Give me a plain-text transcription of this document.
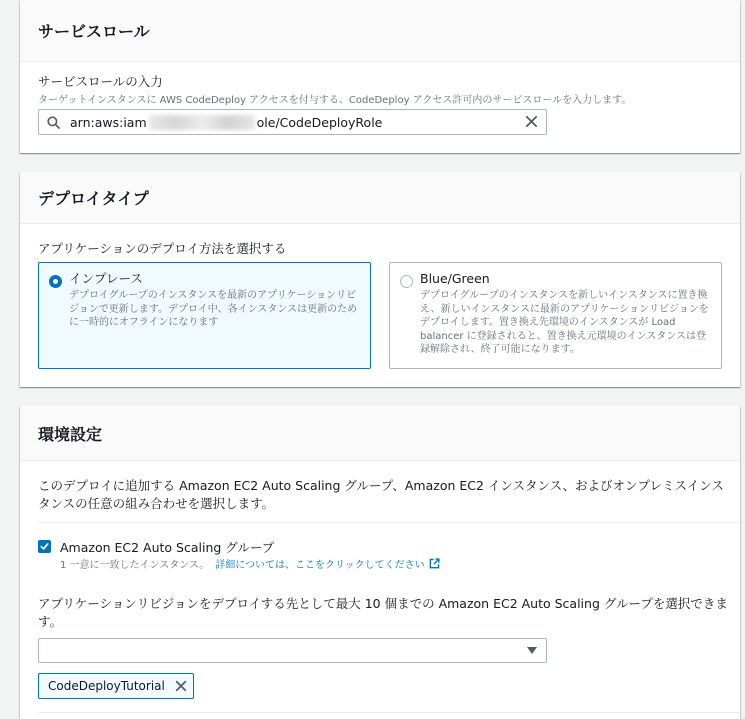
サービスロール
サービスロールの入力
ターゲットインスタンスに AWS CodeDeploy アクセスを付与する、CodeDeploy アクセス許可内のサービスロールを入力します。
arn:aws:iam	ole/CodeDeployRole
デプロイタイプ
アプリケーションのデプロイ方法を選択する
インプレース
デプロイグループのインスタンスを最新のアプリケーションリビジョンで更新します。デプロイ中、各インスタンスは更新のために一時的にオフラインになります
Blue/Green
デプロイグループのインスタンスを新しいインスタンスに置き換え、新しいインスタンスに最新のアプリケーションリビジョンをデプロイします。置き換え先環境のインスタンスが Load balancer に登録されると、置き換え元環境のインスタンスは登録解除され、終了可能になります。
環境設定
このデプロイに追加する Amazon EC2 Auto Scaling グループ、Amazon EC2 インスタンス、およびオンプレミスインスタンスの任意の組み合わせを選択します。
Amazon EC2 Auto Scaling グループ
1 一意に一致したインスタンス。 詳細については、ここをクリックしてください
アプリケーションリビジョンをデプロイする先として最大 10 個までの Amazon EC2 Auto Scaling グループを選択できます。
CodeDeployTutorial
